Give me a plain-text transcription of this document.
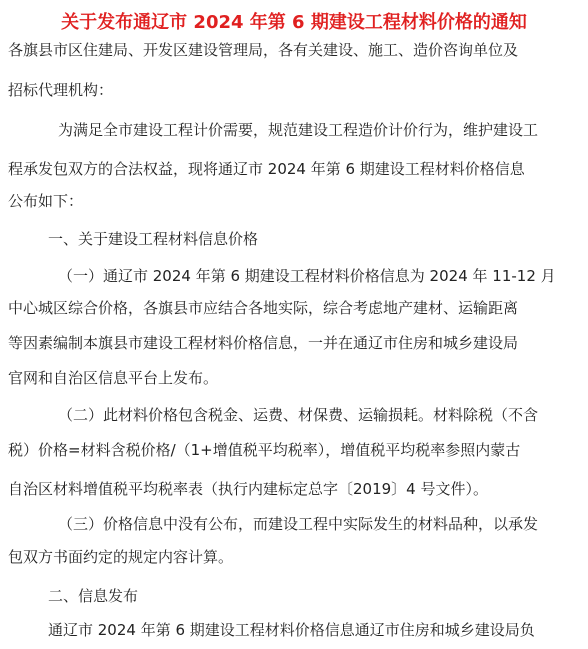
关于发布通辽市 2024 年第 6 期建设工程材料价格的通知
各旗县市区住建局、开发区建设管理局，各有关建设、施工、造价咨询单位及
招标代理机构：
为满足全市建设工程计价需要，规范建设工程造价计价行为，维护建设工
程承发包双方的合法权益，现将通辽市 2024 年第 6 期建设工程材料价格信息
公布如下：
一、关于建设工程材料信息价格
（一）通辽市 2024 年第 6 期建设工程材料价格信息为 2024 年 11-12 月
中心城区综合价格，各旗县市应结合各地实际，综合考虑地产建材、运输距离
等因素编制本旗县市建设工程材料价格信息，一并在通辽市住房和城乡建设局
官网和自治区信息平台上发布。
（二）此材料价格包含税金、运费、材保费、运输损耗。材料除税（不含
税）价格=材料含税价格/（1+增值税平均税率），增值税平均税率参照内蒙古
自治区材料增值税平均税率表（执行内建标定总字〔2019〕4 号文件）。
（三）价格信息中没有公布，而建设工程中实际发生的材料品种，以承发
包双方书面约定的规定内容计算。
二、信息发布
通辽市 2024 年第 6 期建设工程材料价格信息通辽市住房和城乡建设局负
